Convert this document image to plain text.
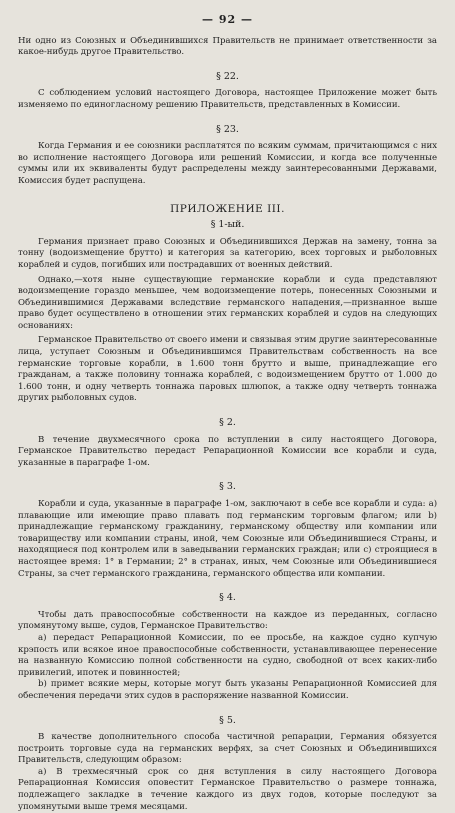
— 92 —

Ни одно из Союзных и Объединившихся Правительств не принимает ответственности за какое-нибудь другое Правительство.

§ 22.

С соблюдением условий настоящего Договора, настоящее Приложение может быть изменяемо по единогласному решению Правительств, представленных в Комиссии.

§ 23.

Когда Германия и ее союзники расплатятся по всяким суммам, причитающимся с них во исполнение настоящего Договора или решений Комиссии, и когда все полученные суммы или их эквиваленты будут распределены между заинтересованными Державами, Комиссия будет распущена.

ПРИЛОЖЕНИЕ III.
§ 1-ый.

Германия признает право Союзных и Объединившихся Держав на замену, тонна за тонну (водоизмещение брутто) и категория за категорию, всех торговых и рыболовных кораблей и судов, погибших или пострадавших от военных действий.

Однако,—хотя ныне существующие германские корабли и суда представляют водоизмещение гораздо меньшее, чем водоизмещение потерь, понесенных Союзными и Объединившимися Державами вследствие германского нападения,—признанное выше право будет осуществлено в отношении этих германских кораблей и судов на следующих основаниях:

Германское Правительство от своего имени и связывая этим другие заинтересованные лица, уступает Союзным и Объединившимся Правительствам собственность на все германские торговые корабли, в 1.600 тонн брутто и выше, принадлежащие его гражданам, а также половину тоннажа кораблей, с водоизмещением брутто от 1.000 до 1.600 тонн, и одну четверть тоннажа паровых шлюпок, а также одну четверть тоннажа других рыболовных судов.

§ 2.

В течение двухмесячного срока по вступлении в силу настоящего Договора, Германское Правительство передаст Репарационной Комиссии все корабли и суда, указанные в параграфе 1-ом.

§ 3.

Корабли и суда, указанные в параграфе 1-ом, заключают в себе все корабли и суда: а) плавающие или имеющие право плавать под германским торговым флагом; или b) принадлежащие германскому гражданину, германскому обществу или компании или товариществу или компании страны, иной, чем Союзные или Объединившиеся Страны, и находящиеся под контролем или в заведывании германских граждан; или с) строящиеся в настоящее время: 1° в Германии; 2° в странах, иных, чем Союзные или Объединившиеся Страны, за счет германского гражданина, германского общества или компании.

§ 4.

Чтобы дать правоспособные собственности на каждое из переданных, согласно упомянутому выше, судов, Германское Правительство:

а) передаст Репарационной Комиссии, по ее просьбе, на каждое судно купчую крэпость или всякое иное правоспособные собственности, устанавливающее перенесение на названную Комиссию полной собственности на судно, свободной от всех каких-либо привилегий, ипотек и повинностей;

b) примет всякие меры, которые могут быть указаны Репарационной Комиссией для обеспечения передачи этих судов в распоряжение названной Комиссии.

§ 5.

В качестве дополнительного способа частичной репарации, Германия обязуется построить торговые суда на германских верфях, за счет Союзных и Объединившихся Правительств, следующим образом:

а) В трехмесячный срок со дня вступления в силу настоящего Договора Репарационная Комиссия оповестит Германское Правительство о размере тоннажа, подлежащего закладке в течение каждого из двух годов, которые последуют за упомянутыми выше тремя месяцами.
